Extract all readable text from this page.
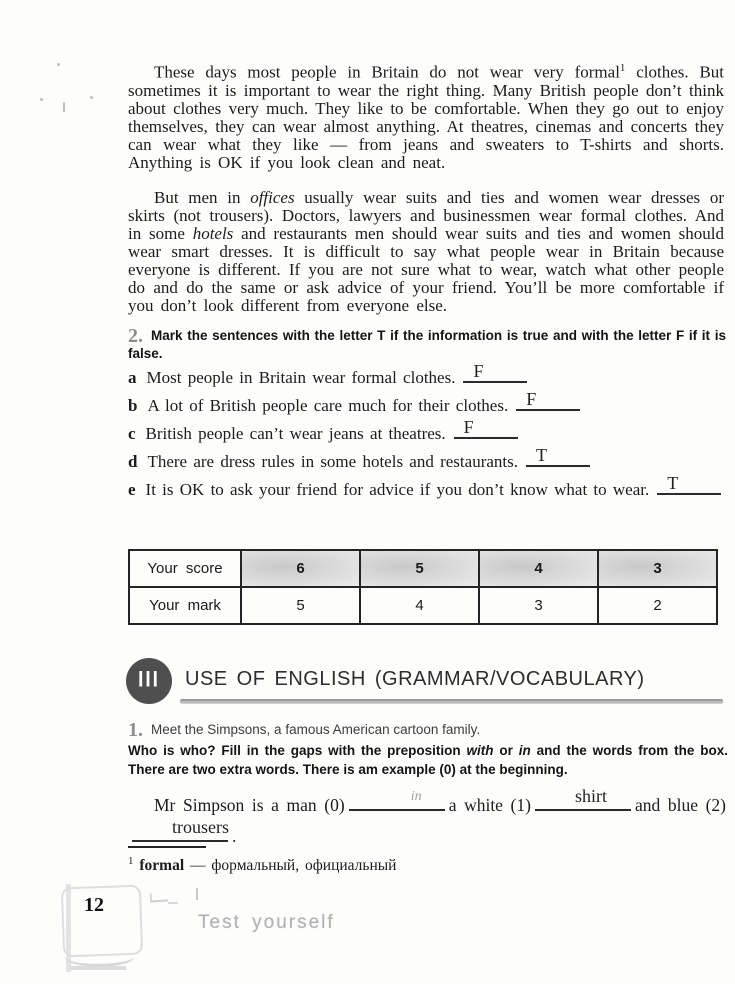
These days most people in Britain do not wear very formal$^1$ clothes. But sometimes it is important to wear the right thing. Many British people don’t think about clothes very much. They like to be comfortable. When they go out to enjoy themselves, they can wear almost anything. At theatres, cinemas and concerts they can wear what they like — from jeans and sweaters to T-shirts and shorts. Anything is OK if you look clean and neat.

But men in offices usually wear suits and ties and women wear dresses or skirts (not trousers). Doctors, lawyers and businessmen wear formal clothes. And in some hotels and restaurants men should wear suits and ties and women should wear smart dresses. It is difficult to say what people wear in Britain because everyone is different. If you are not sure what to wear, watch what other people do and do the same or ask advice of your friend. You’ll be more comfortable if you don’t look different from everyone else.

2. Mark the sentences with the letter T if the information is true and with the letter F if it is false.
a Most people in Britain wear formal clothes. F
b A lot of British people care much for their clothes. F
c British people can’t wear jeans at theatres. F
d There are dress rules in some hotels and restaurants. T
e It is OK to ask your friend for advice if you don’t know what to wear. T
Your score	6	5	4	3
Your mark	5	4	3	2
III USE OF ENGLISH (GRAMMAR/VOCABULARY)
1. Meet the Simpsons, a famous American cartoon family.
Who is who? Fill in the gaps with the preposition with or in and the words from the box. There are two extra words. There is am example (0) at the beginning.

Mr Simpson is a man (0)	in a white (1)	shirt and blue (2)
trousers .

$^1$ formal — формальный, официальный
12
Test yourself
